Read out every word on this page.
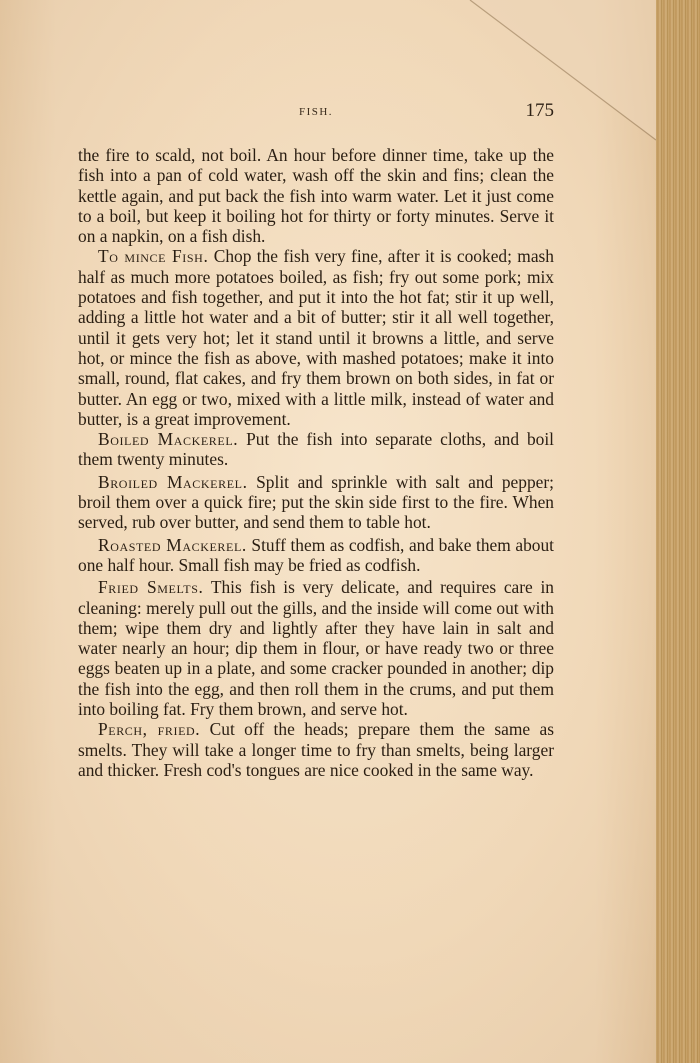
FISH.	175

the fire to scald, not boil. An hour before dinner time, take up the fish into a pan of cold water, wash off the skin and fins; clean the kettle again, and put back the fish into warm water. Let it just come to a boil, but keep it boiling hot for thirty or forty minutes. Serve it on a napkin, on a fish dish.

To mince Fish. Chop the fish very fine, after it is cooked; mash half as much more potatoes boiled, as fish; fry out some pork; mix potatoes and fish together, and put it into the hot fat; stir it up well, adding a little hot water and a bit of butter; stir it all well together, until it gets very hot; let it stand until it browns a little, and serve hot, or mince the fish as above, with mashed potatoes; make it into small, round, flat cakes, and fry them brown on both sides, in fat or butter. An egg or two, mixed with a little milk, instead of water and butter, is a great improvement.

Boiled Mackerel. Put the fish into separate cloths, and boil them twenty minutes.

Broiled Mackerel. Split and sprinkle with salt and pepper; broil them over a quick fire; put the skin side first to the fire. When served, rub over butter, and send them to table hot.

Roasted Mackerel. Stuff them as codfish, and bake them about one half hour. Small fish may be fried as codfish.

Fried Smelts. This fish is very delicate, and requires care in cleaning: merely pull out the gills, and the inside will come out with them; wipe them dry and lightly after they have lain in salt and water nearly an hour; dip them in flour, or have ready two or three eggs beaten up in a plate, and some cracker pounded in another; dip the fish into the egg, and then roll them in the crums, and put them into boiling fat. Fry them brown, and serve hot.

Perch, fried. Cut off the heads; prepare them the same as smelts. They will take a longer time to fry than smelts, being larger and thicker. Fresh cod's tongues are nice cooked in the same way.
